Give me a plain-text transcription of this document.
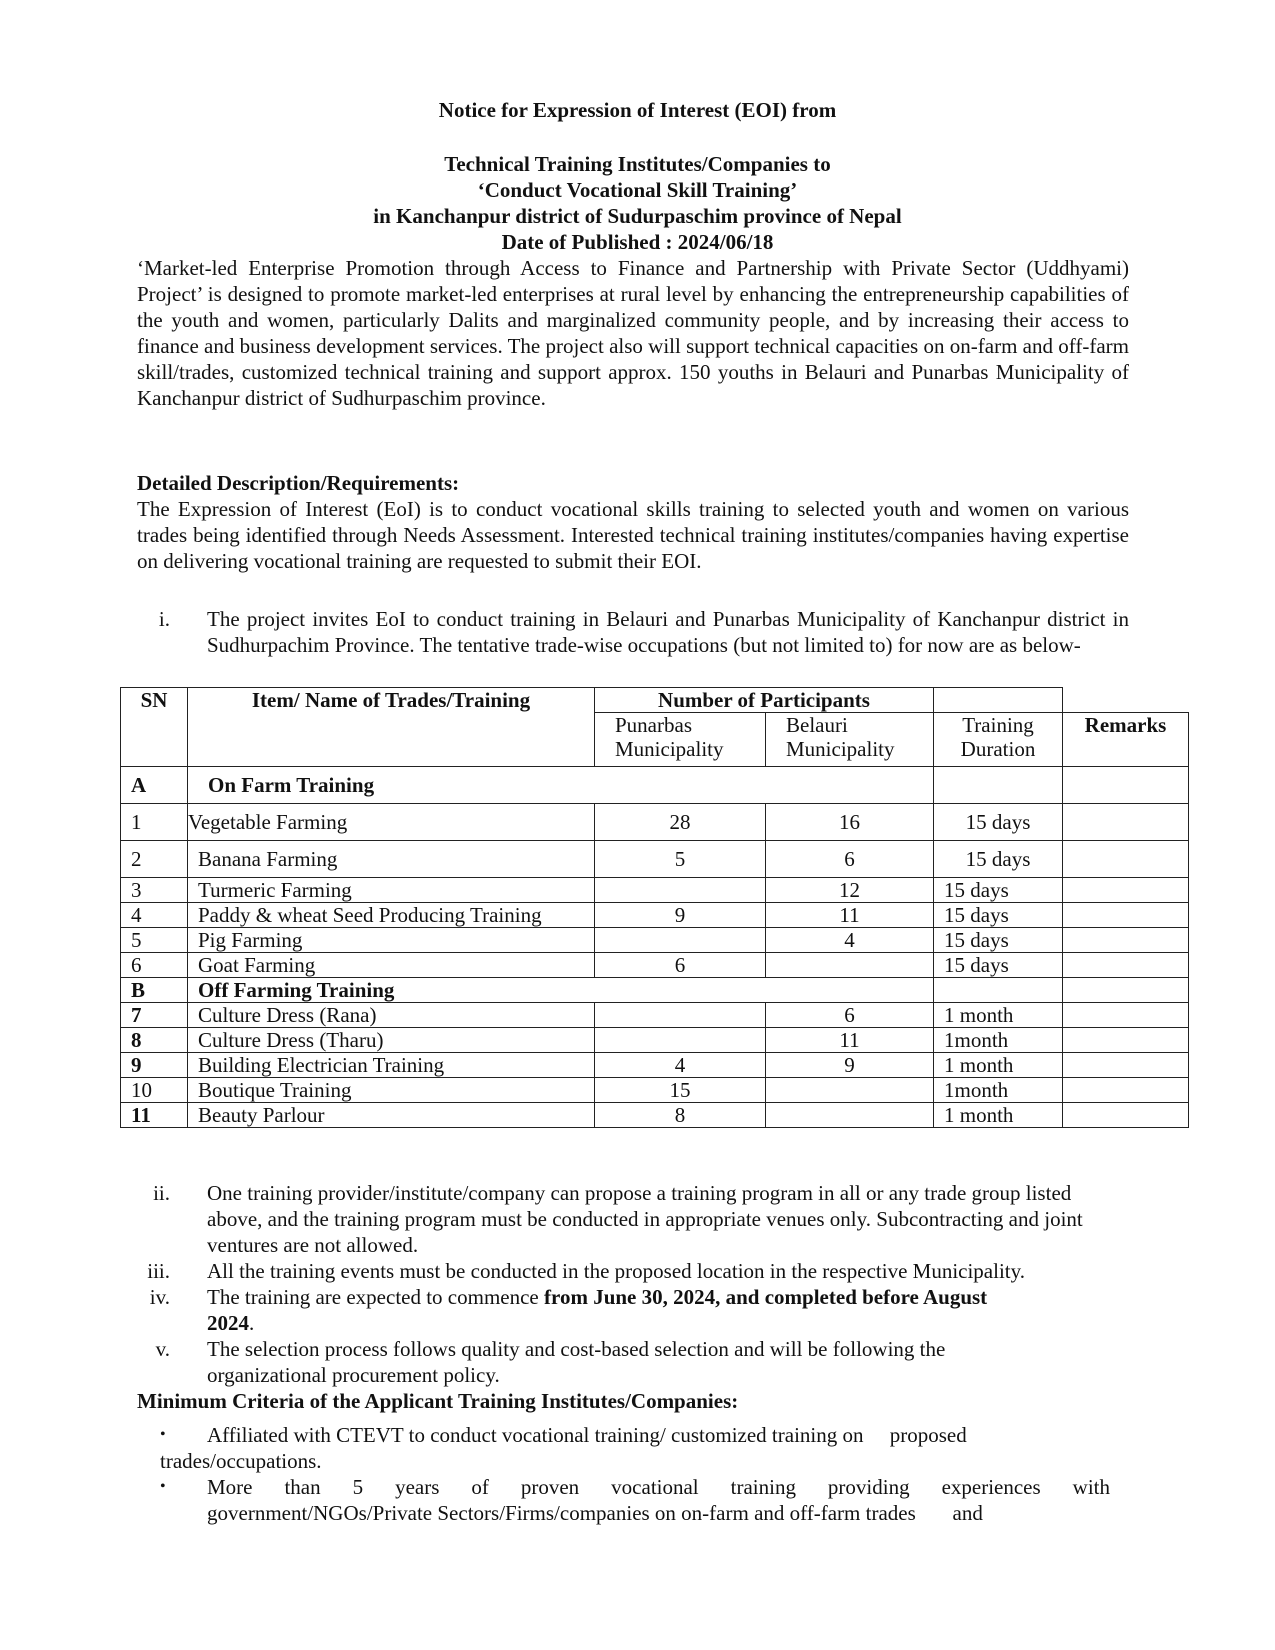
Notice for Expression of Interest (EOI) from
Technical Training Institutes/Companies to
‘Conduct Vocational Skill Training’
in Kanchanpur district of Sudurpaschim province of Nepal
Date of Published : 2024/06/18
‘Market-led Enterprise Promotion through Access to Finance and Partnership with Private Sector (Uddhyami) Project’ is designed to promote market-led enterprises at rural level by enhancing the entrepreneurship capabilities of the youth and women, particularly Dalits and marginalized community people, and by increasing their access to finance and business development services. The project also will support technical capacities on on-farm and off-farm skill/trades, customized technical training and support approx. 150 youths in Belauri and Punarbas Municipality of Kanchanpur district of Sudhurpaschim province.
Detailed Description/Requirements:
The Expression of Interest (EoI) is to conduct vocational skills training to selected youth and women on various trades being identified through Needs Assessment. Interested technical training institutes/companies having expertise on delivering vocational training are requested to submit their EOI.
i. The project invites EoI to conduct training in Belauri and Punarbas Municipality of Kanchanpur district in Sudhurpachim Province. The tentative trade-wise occupations (but not limited to) for now are as below-
SN	Item/ Name of Trades/Training	Number of Participants			
		Punarbas Municipality	Belauri Municipality	Training Duration	Remarks
A	On Farm Training				
1	Vegetable Farming	28	16	15 days	
2	Banana Farming	5	6	15 days	
3	Turmeric Farming		12	15 days	
4	Paddy & wheat Seed Producing Training	9	11	15 days	
5	Pig Farming		4	15 days	
6	Goat Farming	6		15 days	
B	Off Farming Training				
7	Culture Dress (Rana)		6	1 month	
8	Culture Dress (Tharu)		11	1month	
9	Building Electrician Training	4	9	1 month	
10	Boutique Training	15		1month	
11	Beauty Parlour	8		1 month	
ii. One training provider/institute/company can propose a training program in all or any trade group listed above, and the training program must be conducted in appropriate venues only. Subcontracting and joint ventures are not allowed.
iii. All the training events must be conducted in the proposed location in the respective Municipality.
iv. The training are expected to commence from June 30, 2024, and completed before August 2024.
v. The selection process follows quality and cost-based selection and will be following the organizational procurement policy.
Minimum Criteria of the Applicant Training Institutes/Companies:
• Affiliated with CTEVT to conduct vocational training/ customized training on     proposed
trades/occupations.
• More than 5 years of proven vocational training providing experiences with
government/NGOs/Private Sectors/Firms/companies on on-farm and off-farm trades       and
